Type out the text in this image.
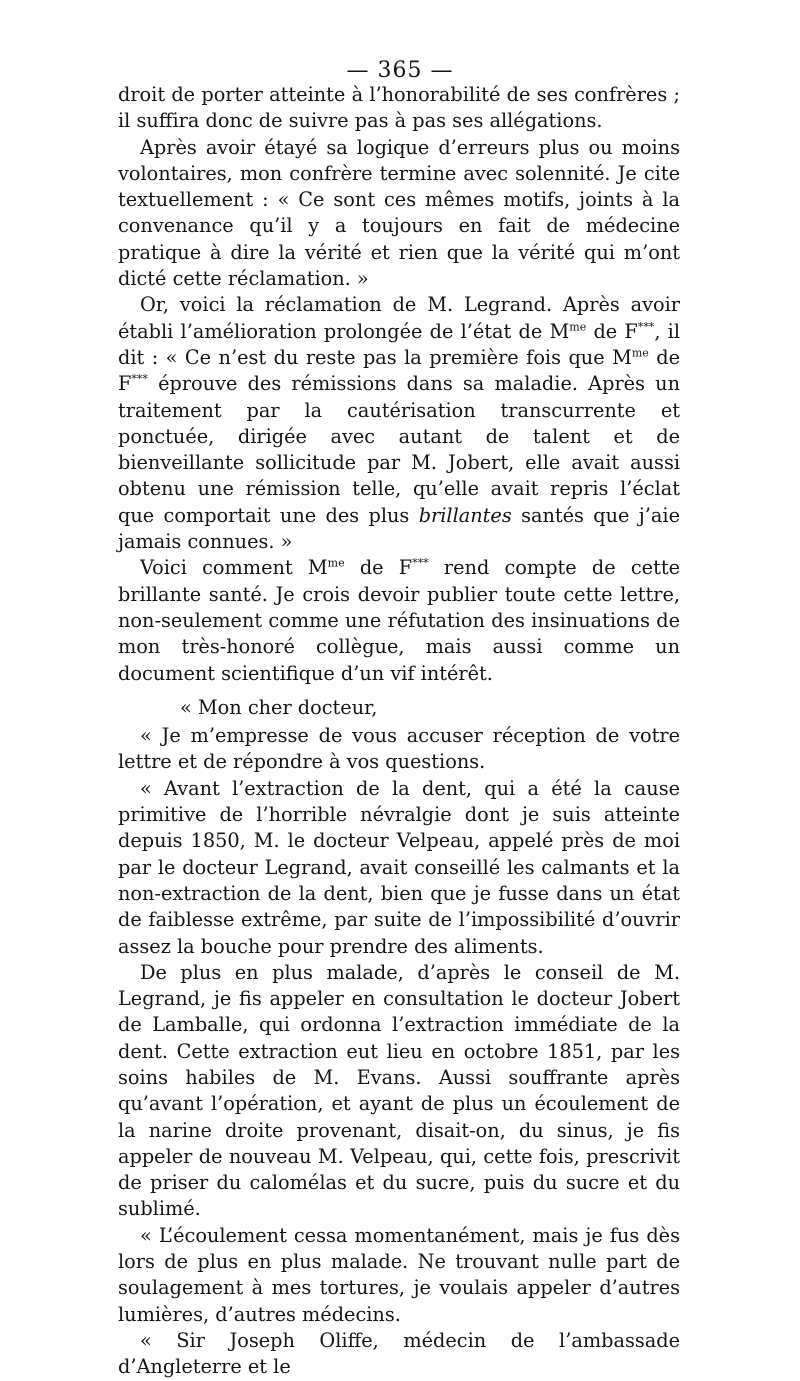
— 365 —

droit de porter atteinte à l’honorabilité de ses confrères ; il suffira donc de suivre pas à pas ses allégations.

Après avoir étayé sa logique d’erreurs plus ou moins volontaires, mon confrère termine avec solennité. Je cite textuellement : « Ce sont ces mêmes motifs, joints à la convenance qu’il y a toujours en fait de médecine pratique à dire la vérité et rien que la vérité qui m’ont dicté cette réclamation. »

Or, voici la réclamation de M. Legrand. Après avoir établi l’amélioration prolongée de l’état de $M^{me}$ de F***, il dit : « Ce n’est du reste pas la première fois que $M^{me}$ de F*** éprouve des rémissions dans sa maladie. Après un traitement par la cautérisation transcurrente et ponctuée, dirigée avec autant de talent et de bienveillante sollicitude par M. Jobert, elle avait aussi obtenu une rémission telle, qu’elle avait repris l’éclat que comportait une des plus brillantes santés que j’aie jamais connues. »

Voici comment $M^{me}$ de F*** rend compte de cette brillante santé. Je crois devoir publier toute cette lettre, non-seulement comme une réfutation des insinuations de mon très-honoré collègue, mais aussi comme un document scientifique d’un vif intérêt.

« Mon cher docteur,

« Je m’empresse de vous accuser réception de votre lettre et de répondre à vos questions.

« Avant l’extraction de la dent, qui a été la cause primitive de l’horrible névralgie dont je suis atteinte depuis 1850, M. le docteur Velpeau, appelé près de moi par le docteur Legrand, avait conseillé les calmants et la non-extraction de la dent, bien que je fusse dans un état de faiblesse extrême, par suite de l’impossibilité d’ouvrir assez la bouche pour prendre des aliments.

De plus en plus malade, d’après le conseil de M. Legrand, je fis appeler en consultation le docteur Jobert de Lamballe, qui ordonna l’extraction immédiate de la dent. Cette extraction eut lieu en octobre 1851, par les soins habiles de M. Evans. Aussi souffrante après qu’avant l’opération, et ayant de plus un écoulement de la narine droite provenant, disait-on, du sinus, je fis appeler de nouveau M. Velpeau, qui, cette fois, prescrivit de priser du calomélas et du sucre, puis du sucre et du sublimé.

« L’écoulement cessa momentanément, mais je fus dès lors de plus en plus malade. Ne trouvant nulle part de soulagement à mes tortures, je voulais appeler d’autres lumières, d’autres médecins.

« Sir Joseph Oliffe, médecin de l’ambassade d’Angleterre et le
